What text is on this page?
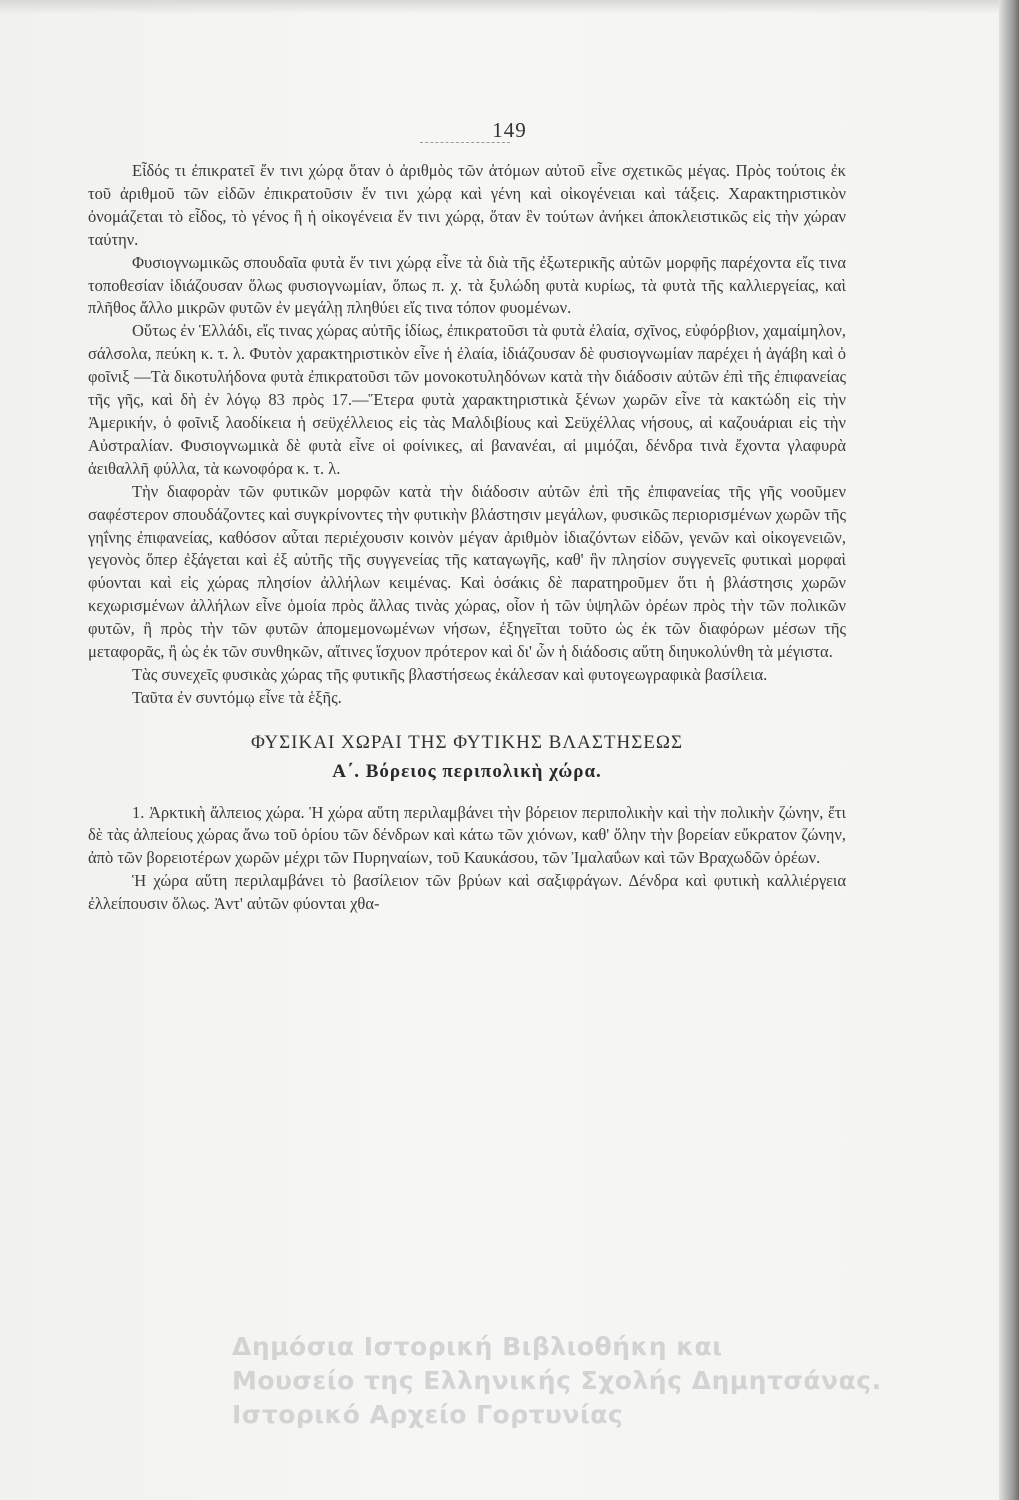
149

Εἶδός τι ἐπικρατεῖ ἔν τινι χώρᾳ ὅταν ὁ ἀριθμὸς τῶν ἀτόμων αὐτοῦ εἶνε σχετικῶς μέγας. Πρὸς τούτοις ἐκ τοῦ ἀριθμοῦ τῶν εἰδῶν ἐπικρατοῦσιν ἔν τινι χώρᾳ καὶ γένη καὶ οἰκογένειαι καὶ τάξεις. Χαρακτηριστικὸν ὀνομάζεται τὸ εἶδος, τὸ γένος ἢ ἡ οἰκογένεια ἔν τινι χώρᾳ, ὅταν ἓν τούτων ἀνήκει ἀποκλειστικῶς εἰς τὴν χώραν ταύτην.

Φυσιογνωμικῶς σπουδαῖα φυτὰ ἔν τινι χώρᾳ εἶνε τὰ διὰ τῆς ἐξωτερικῆς αὐτῶν μορφῆς παρέχοντα εἴς τινα τοποθεσίαν ἰδιάζουσαν ὅλως φυσιογνωμίαν, ὅπως π. χ. τὰ ξυλώδη φυτὰ κυρίως, τὰ φυτὰ τῆς καλλιεργείας, καὶ πλῆθος ἄλλο μικρῶν φυτῶν ἐν μεγάλῃ πληθύει εἴς τινα τόπον φυομένων.

Οὕτως ἐν Ἑλλάδι, εἴς τινας χώρας αὐτῆς ἰδίως, ἐπικρατοῦσι τὰ φυτὰ ἐλαία, σχῖνος, εὐφόρβιον, χαμαίμηλον, σάλσολα, πεύκη κ. τ. λ. Φυτὸν χαρακτηριστικὸν εἶνε ἡ ἐλαία, ἰδιάζουσαν δὲ φυσιογνωμίαν παρέχει ἡ ἀγάβη καὶ ὁ φοῖνιξ —Τὰ δικοτυλήδονα φυτὰ ἐπικρατοῦσι τῶν μονοκοτυληδόνων κατὰ τὴν διάδοσιν αὐτῶν ἐπὶ τῆς ἐπιφανείας τῆς γῆς, καὶ δὴ ἐν λόγῳ 83 πρὸς 17.—Ἕτερα φυτὰ χαρακτηριστικὰ ξένων χωρῶν εἶνε τὰ κακτώδη εἰς τὴν Ἀμερικήν, ὁ φοῖνιξ λαοδίκεια ἡ σεϋχέλλειος εἰς τὰς Μαλδιβίους καὶ Σεϋχέλλας νήσους, αἱ καζουάριαι εἰς τὴν Αὐστραλίαν. Φυσιογνωμικὰ δὲ φυτὰ εἶνε οἱ φοίνικες, αἱ βανανέαι, αἱ μιμόζαι, δένδρα τινὰ ἔχοντα γλαφυρὰ ἀειθαλλῆ φύλλα, τὰ κωνοφόρα κ. τ. λ.

Τὴν διαφορὰν τῶν φυτικῶν μορφῶν κατὰ τὴν διάδοσιν αὐτῶν ἐπὶ τῆς ἐπιφανείας τῆς γῆς νοοῦμεν σαφέστερον σπουδάζοντες καὶ συγκρίνοντες τὴν φυτικὴν βλάστησιν μεγάλων, φυσικῶς περιορισμένων χωρῶν τῆς γηΐνης ἐπιφανείας, καθόσον αὗται περιέχουσιν κοινὸν μέγαν ἀριθμὸν ἰδιαζόντων εἰδῶν, γενῶν καὶ οἰκογενειῶν, γεγονὸς ὅπερ ἐξάγεται καὶ ἐξ αὐτῆς τῆς συγγενείας τῆς καταγωγῆς, καθ' ἣν πλησίον συγγενεῖς φυτικαὶ μορφαὶ φύονται καὶ εἰς χώρας πλησίον ἀλλήλων κειμένας. Καὶ ὁσάκις δὲ παρατηροῦμεν ὅτι ἡ βλάστησις χωρῶν κεχωρισμένων ἀλλήλων εἶνε ὁμοία πρὸς ἄλλας τινὰς χώρας, οἷον ἡ τῶν ὑψηλῶν ὀρέων πρὸς τὴν τῶν πολικῶν φυτῶν, ἢ πρὸς τὴν τῶν φυτῶν ἀπομεμονωμένων νήσων, ἐξηγεῖται τοῦτο ὡς ἐκ τῶν διαφόρων μέσων τῆς μεταφορᾶς, ἢ ὡς ἐκ τῶν συνθηκῶν, αἵτινες ἴσχυον πρότερον καὶ δι' ὧν ἡ διάδοσις αὕτη διηυκολύνθη τὰ μέγιστα.

Τὰς συνεχεῖς φυσικὰς χώρας τῆς φυτικῆς βλαστήσεως ἐκάλεσαν καὶ φυτογεωγραφικὰ βασίλεια.

Ταῦτα ἐν συντόμῳ εἶνε τὰ ἑξῆς.

ΦΥΣΙΚΑΙ ΧΩΡΑΙ ΤΗΣ ΦΥΤΙΚΗΣ ΒΛΑΣΤΗΣΕΩΣ
Α΄. Βόρειος περιπολικὴ χώρα.

1. Ἀρκτικὴ ἄλπειος χώρα. Ἡ χώρα αὕτη περιλαμβάνει τὴν βόρειον περιπολικὴν καὶ τὴν πολικὴν ζώνην, ἔτι δὲ τὰς ἀλπείους χώρας ἄνω τοῦ ὁρίου τῶν δένδρων καὶ κάτω τῶν χιόνων, καθ' ὅλην τὴν βορείαν εὔκρατον ζώνην, ἀπὸ τῶν βορειοτέρων χωρῶν μέχρι τῶν Πυρηναίων, τοῦ Καυκάσου, τῶν Ἰμαλαΰων καὶ τῶν Βραχωδῶν ὀρέων.

Ἡ χώρα αὕτη περιλαμβάνει τὸ βασίλειον τῶν βρύων καὶ σαξιφράγων. Δένδρα καὶ φυτικὴ καλλιέργεια ἐλλείπουσιν ὅλως. Ἀντ' αὐτῶν φύονται χθα-

Δημόσια Ιστορική Βιβλιοθήκη και
Μουσείο της Ελληνικής Σχολής Δημητσάνας.
Ιστορικό Αρχείο Γορτυνίας
